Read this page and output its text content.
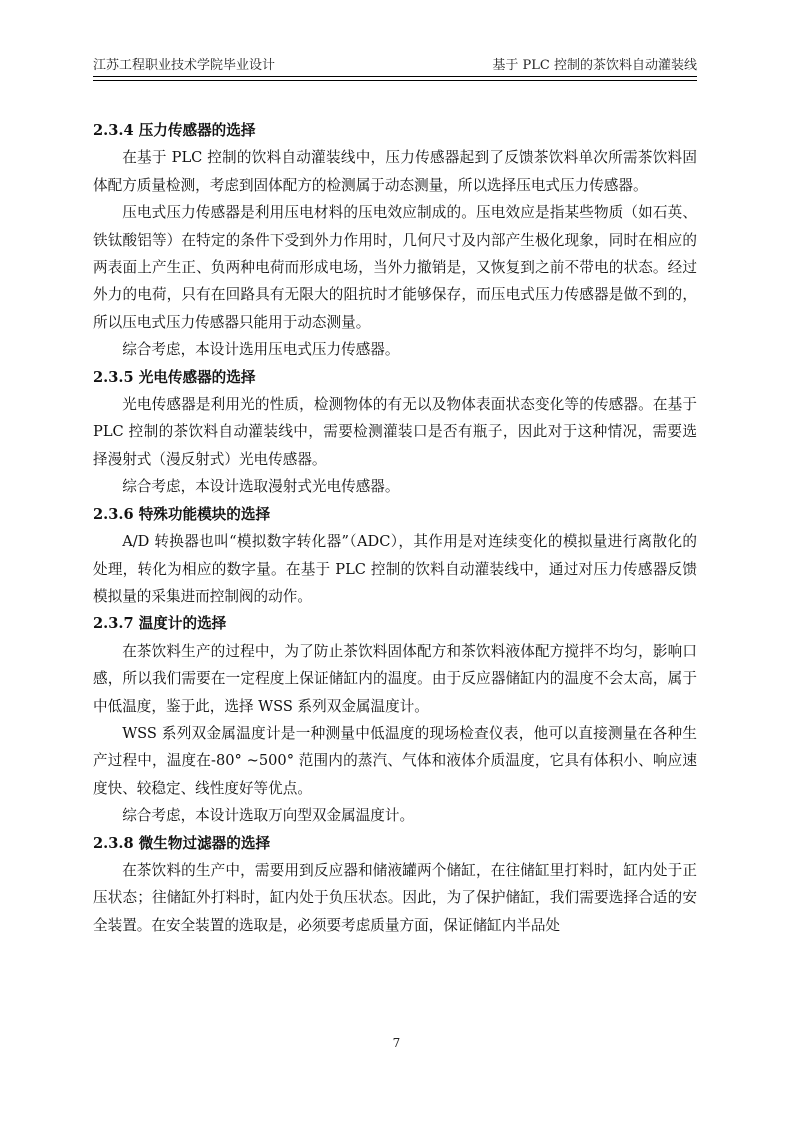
江苏工程职业技术学院毕业设计	基于 PLC 控制的茶饮料自动灌装线

2.3.4 压力传感器的选择

在基于 PLC 控制的饮料自动灌装线中，压力传感器起到了反馈茶饮料单次所需茶饮料固体配方质量检测，考虑到固体配方的检测属于动态测量，所以选择压电式压力传感器。

压电式压力传感器是利用压电材料的压电效应制成的。压电效应是指某些物质（如石英、铁钛酸铝等）在特定的条件下受到外力作用时，几何尺寸及内部产生极化现象，同时在相应的两表面上产生正、负两种电荷而形成电场，当外力撤销是，又恢复到之前不带电的状态。经过外力的电荷，只有在回路具有无限大的阻抗时才能够保存，而压电式压力传感器是做不到的，所以压电式压力传感器只能用于动态测量。

综合考虑，本设计选用压电式压力传感器。

2.3.5 光电传感器的选择

光电传感器是利用光的性质，检测物体的有无以及物体表面状态变化等的传感器。在基于 PLC 控制的茶饮料自动灌装线中，需要检测灌装口是否有瓶子，因此对于这种情况，需要选择漫射式（漫反射式）光电传感器。

综合考虑，本设计选取漫射式光电传感器。

2.3.6 特殊功能模块的选择

A/D 转换器也叫“模拟数字转化器”（ADC），其作用是对连续变化的模拟量进行离散化的处理，转化为相应的数字量。在基于 PLC 控制的饮料自动灌装线中，通过对压力传感器反馈模拟量的采集进而控制阀的动作。

2.3.7 温度计的选择

在茶饮料生产的过程中，为了防止茶饮料固体配方和茶饮料液体配方搅拌不均匀，影响口感，所以我们需要在一定程度上保证储缸内的温度。由于反应器储缸内的温度不会太高，属于中低温度，鉴于此，选择 WSS 系列双金属温度计。

WSS 系列双金属温度计是一种测量中低温度的现场检查仪表，他可以直接测量在各种生产过程中，温度在-80° ~500° 范围内的蒸汽、气体和液体介质温度，它具有体积小、响应速度快、较稳定、线性度好等优点。

综合考虑，本设计选取万向型双金属温度计。

2.3.8 微生物过滤器的选择

在茶饮料的生产中，需要用到反应器和储液罐两个储缸，在往储缸里打料时，缸内处于正压状态；往储缸外打料时，缸内处于负压状态。因此，为了保护储缸，我们需要选择合适的安全装置。在安全装置的选取是，必须要考虑质量方面，保证储缸内半品处

7
